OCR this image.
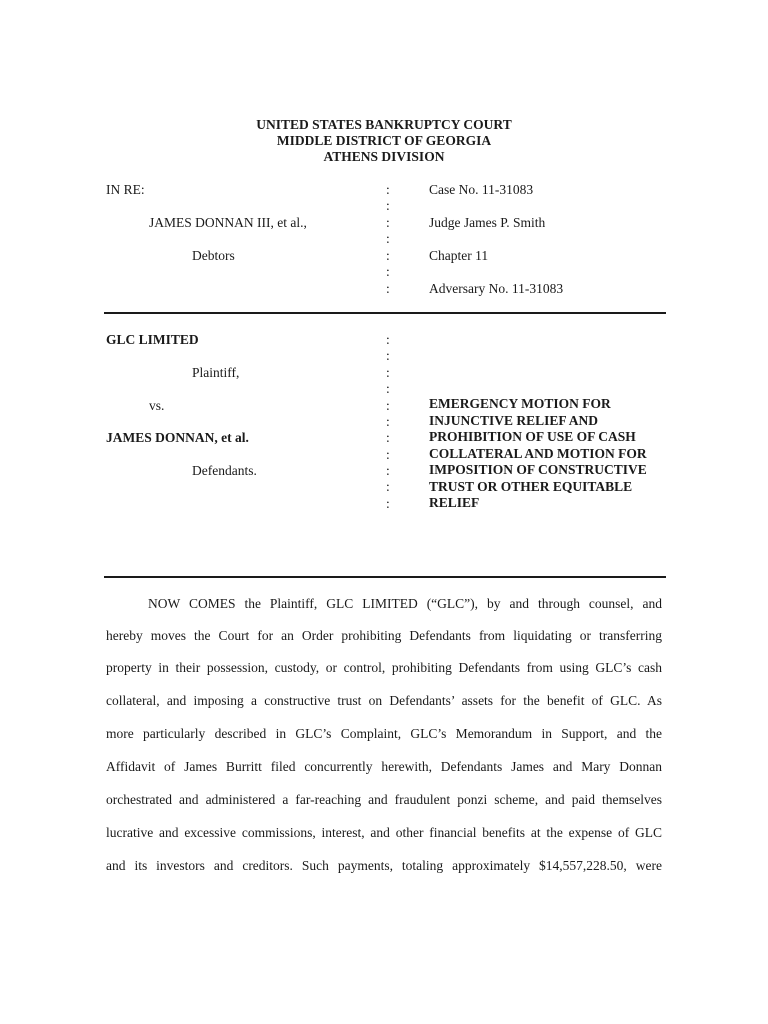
UNITED STATES BANKRUPTCY COURT
MIDDLE DISTRICT OF GEORGIA
ATHENS DIVISION
IN RE:
JAMES DONNAN III, et al.,
Debtors
:
:
:
:
:
:
:
Case No. 11-31083
Judge James P. Smith
Chapter 11
Adversary No. 11-31083
GLC LIMITED
Plaintiff,
vs.
JAMES DONNAN, et al.
Defendants.
:
:
:
:
:
:
:
:
:
:
:
EMERGENCY MOTION FOR
INJUNCTIVE RELIEF AND
PROHIBITION OF USE OF CASH
COLLATERAL AND MOTION FOR
IMPOSITION OF CONSTRUCTIVE
TRUST OR OTHER EQUITABLE
RELIEF
NOW COMES the Plaintiff, GLC LIMITED (“GLC”), by and through counsel, and
hereby moves the Court for an Order prohibiting Defendants from liquidating or transferring
property in their possession, custody, or control, prohibiting Defendants from using GLC’s cash
collateral, and imposing a constructive trust on Defendants’ assets for the benefit of GLC. As
more particularly described in GLC’s Complaint, GLC’s Memorandum in Support, and the
Affidavit of James Burritt filed concurrently herewith, Defendants James and Mary Donnan
orchestrated and administered a far-reaching and fraudulent ponzi scheme, and paid themselves
lucrative and excessive commissions, interest, and other financial benefits at the expense of GLC
and its investors and creditors. Such payments, totaling approximately $14,557,228.50, were
